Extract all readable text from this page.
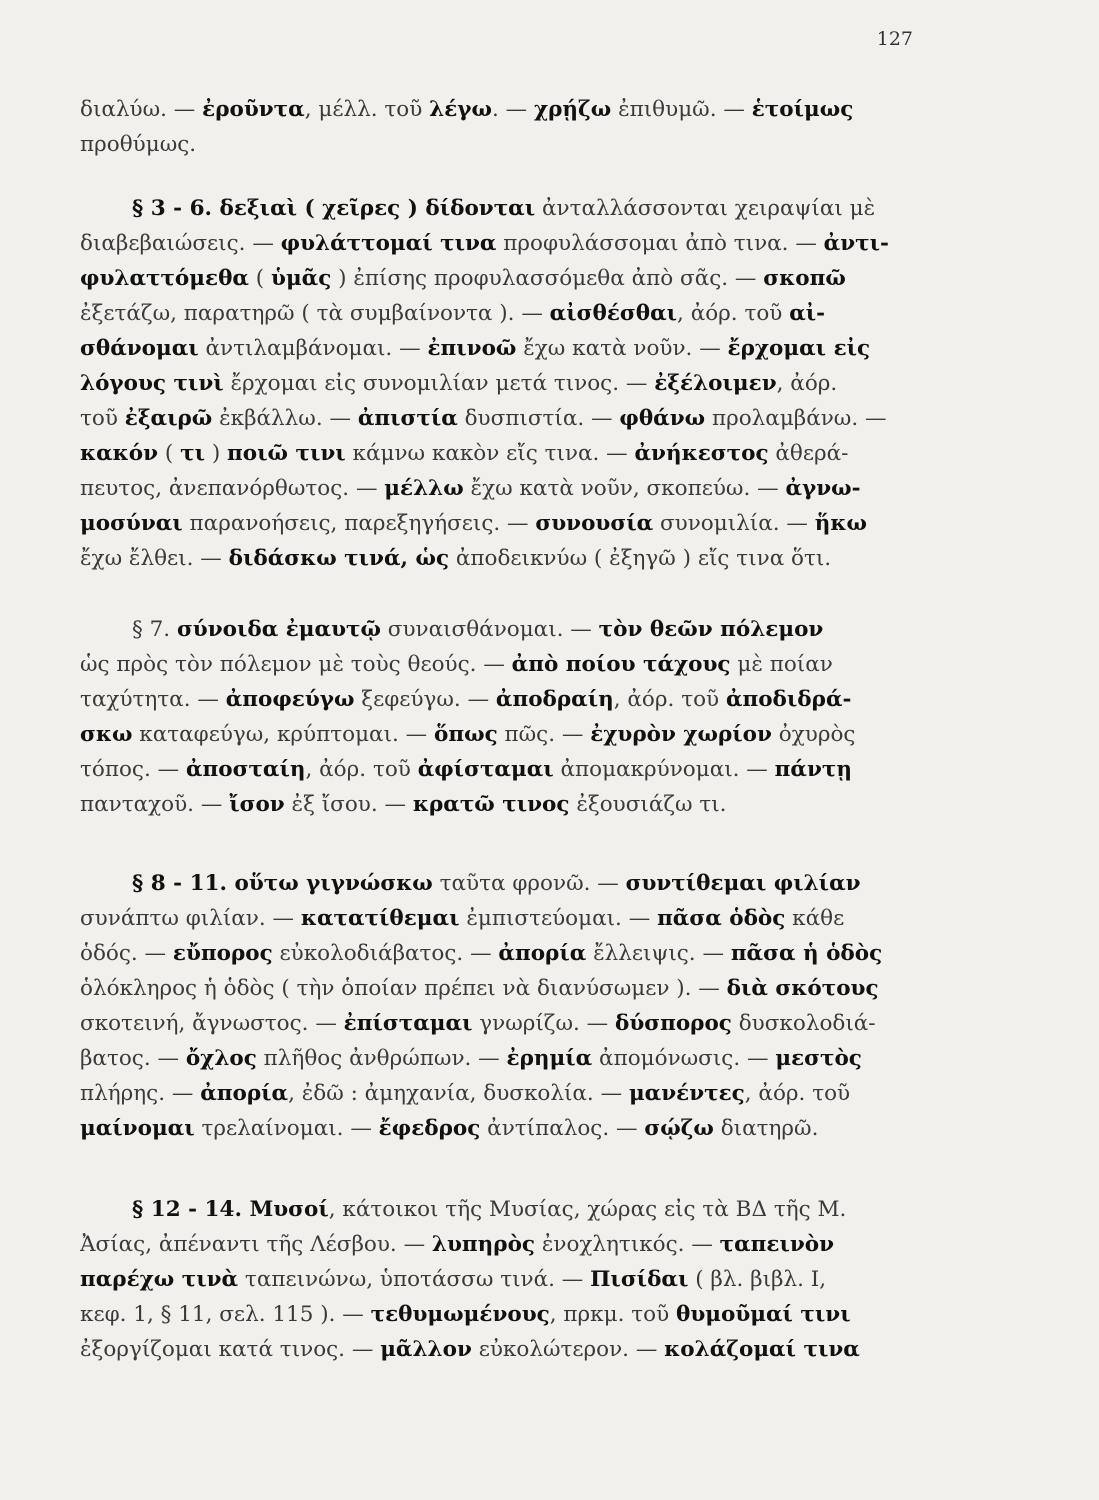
127
διαλύω. — ἐροῦντα, μέλλ. τοῦ λέγω. — χρῄζω ἐπιθυμῶ. — ἑτοίμως
προθύμως.
§ 3 - 6. δεξιαὶ ( χεῖρες ) δίδονται ἀνταλλάσσονται χειραψίαι μὲ
διαβεβαιώσεις. — φυλάττομαί τινα προφυλάσσομαι ἀπὸ τινα. — ἀντι-
φυλαττόμεθα ( ὑμᾶς ) ἐπίσης προφυλασσόμεθα ἀπὸ σᾶς. — σκοπῶ
ἐξετάζω, παρατηρῶ ( τὰ συμβαίνοντα ). — αἰσθέσθαι, ἀόρ. τοῦ αἰ-
σθάνομαι ἀντιλαμβάνομαι. — ἐπινοῶ ἔχω κατὰ νοῦν. — ἔρχομαι εἰς
λόγους τινὶ ἔρχομαι εἰς συνομιλίαν μετά τινος. — ἐξέλοιμεν, ἀόρ.
τοῦ ἐξαιρῶ ἐκβάλλω. — ἀπιστία δυσπιστία. — φθάνω προλαμβάνω. —
κακόν ( τι ) ποιῶ τινι κάμνω κακὸν εἴς τινα. — ἀνήκεστος ἀθερά-
πευτος, ἀνεπανόρθωτος. — μέλλω ἔχω κατὰ νοῦν, σκοπεύω. — ἀγνω-
μοσύναι παρανοήσεις, παρεξηγήσεις. — συνουσία συνομιλία. — ἥκω
ἔχω ἔλθει. — διδάσκω τινά, ὡς ἀποδεικνύω ( ἐξηγῶ ) εἴς τινα ὅτι.
§ 7. σύνοιδα ἐμαυτῷ συναισθάνομαι. — τὸν θεῶν πόλεμον
ὡς πρὸς τὸν πόλεμον μὲ τοὺς θεούς. — ἀπὸ ποίου τάχους μὲ ποίαν
ταχύτητα. — ἀποφεύγω ξεφεύγω. — ἀποδραίη, ἀόρ. τοῦ ἀποδιδρά-
σκω καταφεύγω, κρύπτομαι. — ὅπως πῶς. — ἐχυρὸν χωρίον ὀχυρὸς
τόπος. — ἀποσταίη, ἀόρ. τοῦ ἀφίσταμαι ἀπομακρύνομαι. — πάντῃ
πανταχοῦ. — ἴσον ἐξ ἴσου. — κρατῶ τινος ἐξουσιάζω τι.
§ 8 - 11. οὕτω γιγνώσκω ταῦτα φρονῶ. — συντίθεμαι φιλίαν
συνάπτω φιλίαν. — κατατίθεμαι ἐμπιστεύομαι. — πᾶσα ὁδὸς κάθε
ὁδός. — εὔπορος εὐκολοδιάβατος. — ἀπορία ἔλλειψις. — πᾶσα ἡ ὁδὸς
ὁλόκληρος ἡ ὁδὸς ( τὴν ὁποίαν πρέπει νὰ διανύσωμεν ). — διὰ σκότους
σκοτεινή, ἄγνωστος. — ἐπίσταμαι γνωρίζω. — δύσπορος δυσκολοδιά-
βατος. — ὄχλος πλῆθος ἀνθρώπων. — ἐρημία ἀπομόνωσις. — μεστὸς
πλήρης. — ἀπορία, ἐδῶ : ἀμηχανία, δυσκολία. — μανέντες, ἀόρ. τοῦ
μαίνομαι τρελαίνομαι. — ἔφεδρος ἀντίπαλος. — σῴζω διατηρῶ.
§ 12 - 14. Μυσοί, κάτοικοι τῆς Μυσίας, χώρας εἰς τὰ ΒΔ τῆς Μ.
Ἀσίας, ἀπέναντι τῆς Λέσβου. — λυπηρὸς ἐνοχλητικός. — ταπεινὸν
παρέχω τινὰ ταπεινώνω, ὑποτάσσω τινά. — Πισίδαι ( βλ. βιβλ. Ι,
κεφ. 1, § 11, σελ. 115 ). — τεθυμωμένους, πρκμ. τοῦ θυμοῦμαί τινι
ἐξοργίζομαι κατά τινος. — μᾶλλον εὐκολώτερον. — κολάζομαί τινα
